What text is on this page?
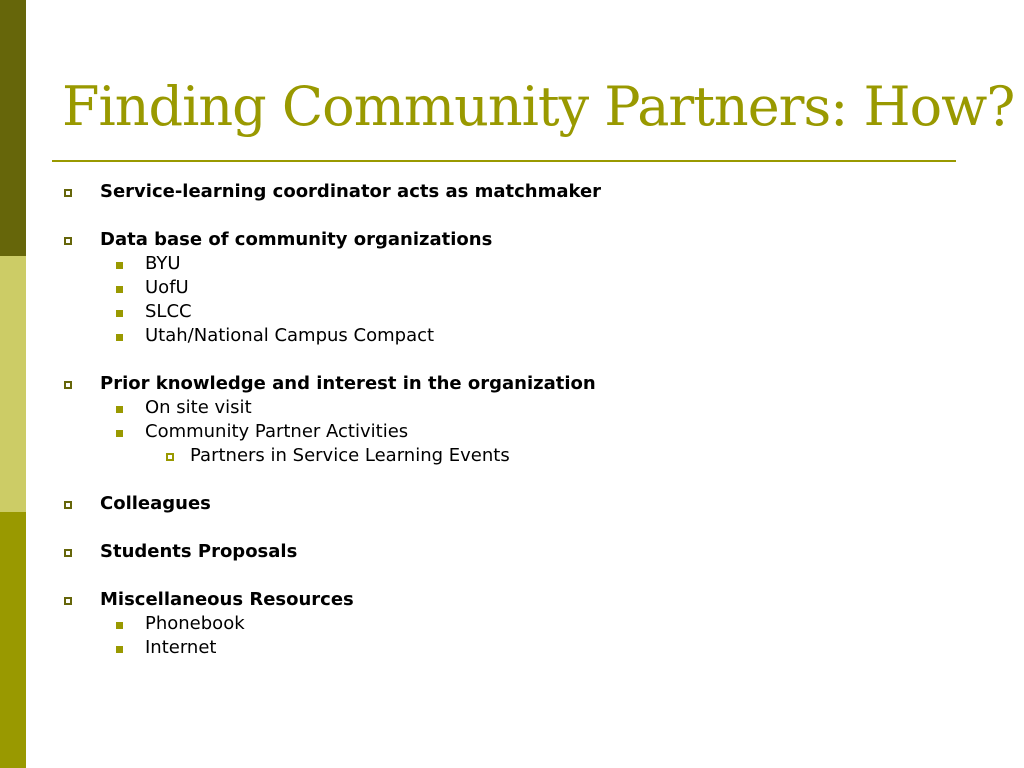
Finding Community Partners: How?
Service-learning coordinator acts as matchmaker
Data base of community organizations
BYU
UofU
SLCC
Utah/National Campus Compact
Prior knowledge and interest in the organization
On site visit
Community Partner Activities
Partners in Service Learning Events
Colleagues
Students Proposals
Miscellaneous Resources
Phonebook
Internet
